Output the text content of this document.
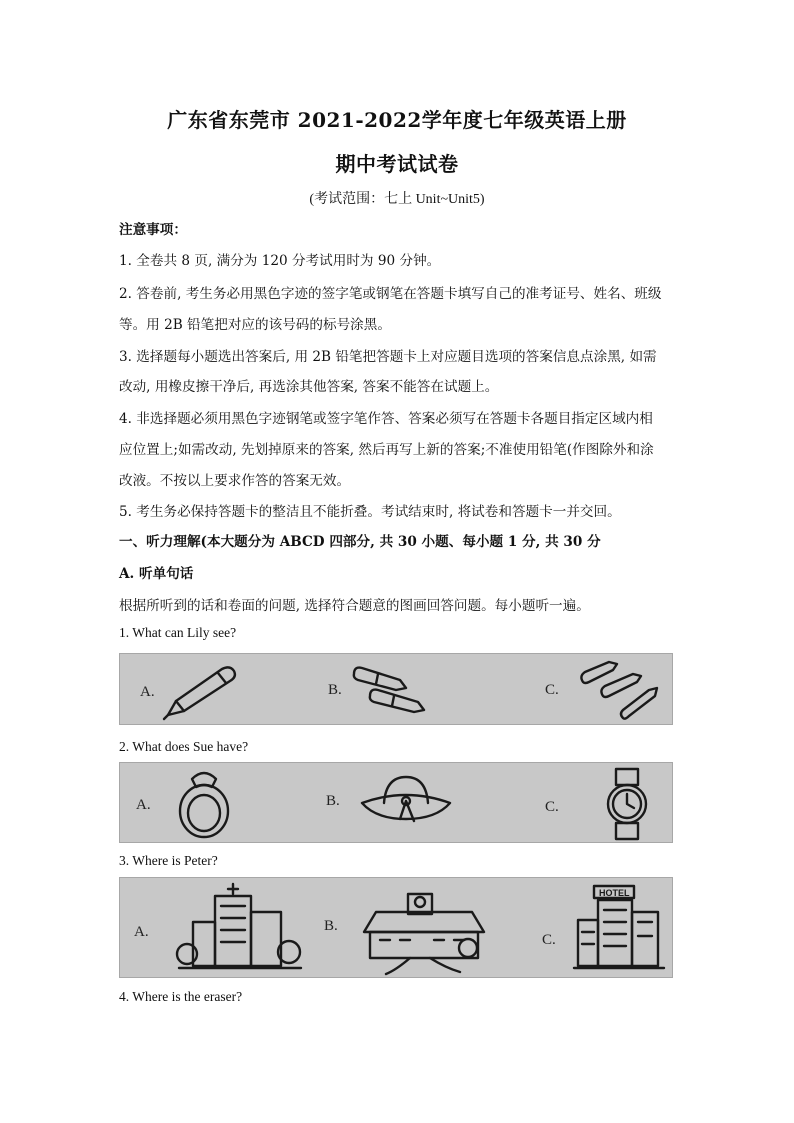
广东省东莞市 2021-2022学年度七年级英语上册
期中考试试卷
(考试范围：七上 Unit~Unit5)
注意事项：
1. 全卷共 8 页, 满分为 120 分考试用时为 90 分钟。
2. 答卷前, 考生务必用黑色字迹的签字笔或钢笔在答题卡填写自己的准考证号、姓名、班级
等。用 2B 铅笔把对应的该号码的标号涂黑。
3. 选择题每小题选出答案后, 用 2B 铅笔把答题卡上对应题目选项的答案信息点涂黑, 如需
改动, 用橡皮擦干净后, 再选涂其他答案, 答案不能答在试题上。
4. 非选择题必须用黑色字迹钢笔或签字笔作答、答案必须写在答题卡各题目指定区域内相
应位置上;如需改动, 先划掉原来的答案, 然后再写上新的答案;不准使用铅笔(作图除外和涂
改液。不按以上要求作答的答案无效。
5. 考生务必保持答题卡的整洁且不能折叠。考试结束时, 将试卷和答题卡一并交回。
一、听力理解(本大题分为 ABCD 四部分, 共 30 小题、每小题 1 分, 共 30 分
A. 听单句话
根据所听到的话和卷面的问题, 选择符合题意的图画回答问题。每小题听一遍。
1. What can Lily see?
A.	B.	C.
2. What does Sue have?
A.	B.	C.
3. Where is Peter?
A.	B.
C.
HOTEL
4. Where is the eraser?
